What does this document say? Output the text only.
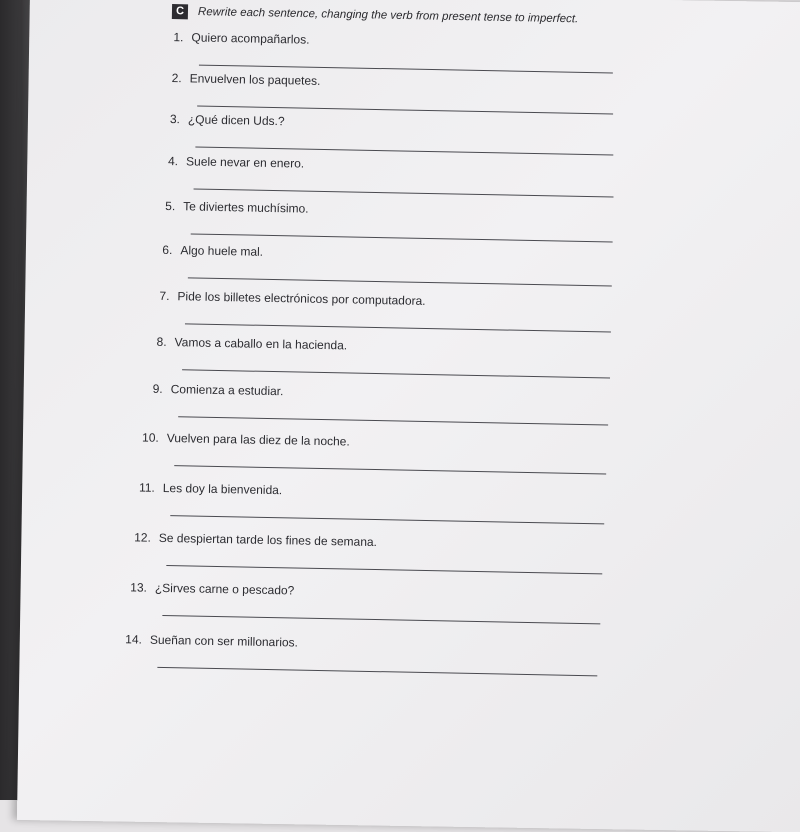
C Rewrite each sentence, changing the verb from present tense to imperfect.
1. Quiero acompañarlos.
2. Envuelven los paquetes.
3. ¿Qué dicen Uds.?
4. Suele nevar en enero.
5. Te diviertes muchísimo.
6. Algo huele mal.
7. Pide los billetes electrónicos por computadora.
8. Vamos a caballo en la hacienda.
9. Comienza a estudiar.
10. Vuelven para las diez de la noche.
11. Les doy la bienvenida.
12. Se despiertan tarde los fines de semana.
13. ¿Sirves carne o pescado?
14. Sueñan con ser millonarios.
